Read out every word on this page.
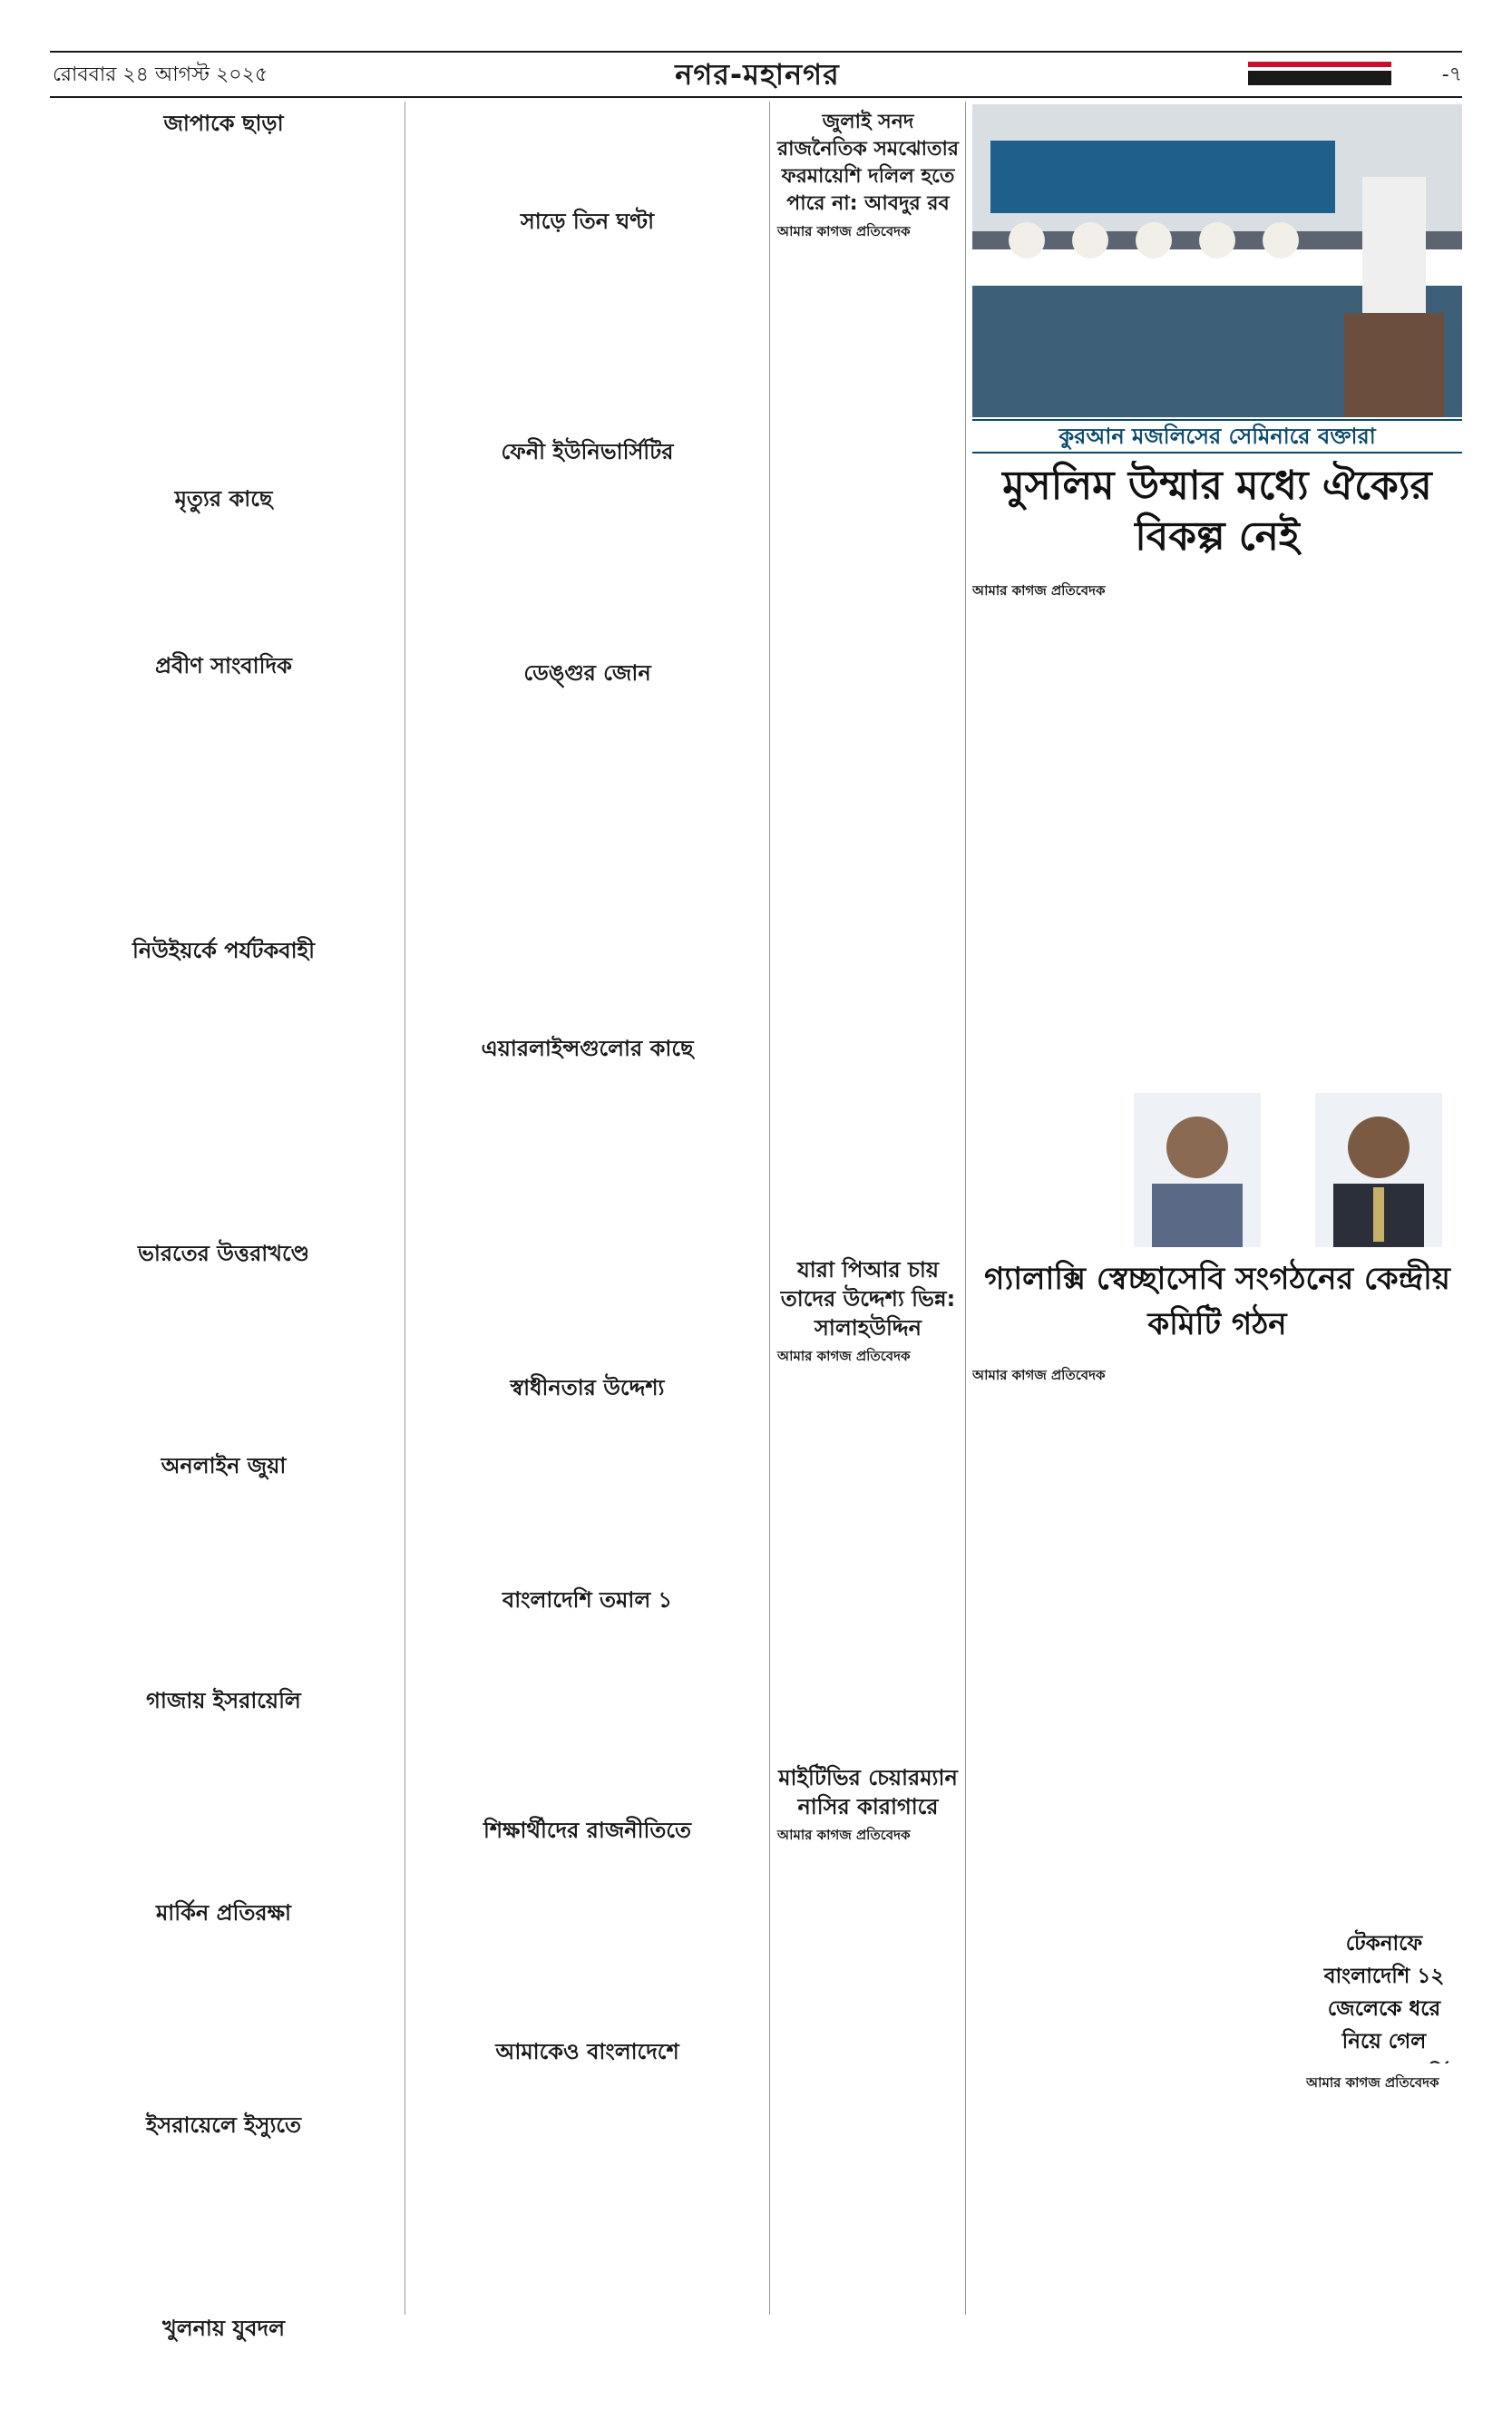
রোববার ২৪ আগস্ট ২০২৫	নগর-মহানগর	-৭
জাপাকে ছাড়া

মৃত্যুর কাছে

প্রবীণ সাংবাদিক

নিউইয়র্কে পর্যটকবাহী

ভারতের উত্তরাখণ্ডে

অনলাইন জুয়া

গাজায় ইসরায়েলি

মার্কিন প্রতিরক্ষা

ইসরায়েলে ইস্যুতে

খুলনায় যুবদল

সাড়ে তিন ঘণ্টা

ফেনী ইউনিভার্সিটির

ডেঙ্গুর জোন

এয়ারলাইন্সগুলোর কাছে

স্বাধীনতার উদ্দেশ্য

বাংলাদেশি তমাল ১

শিক্ষার্থীদের রাজনীতিতে

আমাকেও বাংলাদেশে

জুলাই সনদ রাজনৈতিক সমঝোতার ফরমায়েশি দলিল হতে পারে না: আবদুর রব
আমার কাগজ প্রতিবেদক

যারা পিআর চায় তাদের উদ্দেশ্য ভিন্ন: সালাহউদ্দিন
আমার কাগজ প্রতিবেদক

মাইটিভির চেয়ারম্যান নাসির কারাগারে
আমার কাগজ প্রতিবেদক

কুরআন মজলিসের সেমিনারে বক্তারা
মুসলিম উম্মার মধ্যে ঐক্যের বিকল্প নেই
আমার কাগজ প্রতিবেদক
গ্যালাক্সি স্বেচ্ছাসেবি সংগঠনের কেন্দ্রীয় কমিটি গঠন
আমার কাগজ প্রতিবেদক
টেকনাফে বাংলাদেশি ১২ জেলেকে ধরে নিয়ে গেল
আমার কাগজ প্রতিবেদক
